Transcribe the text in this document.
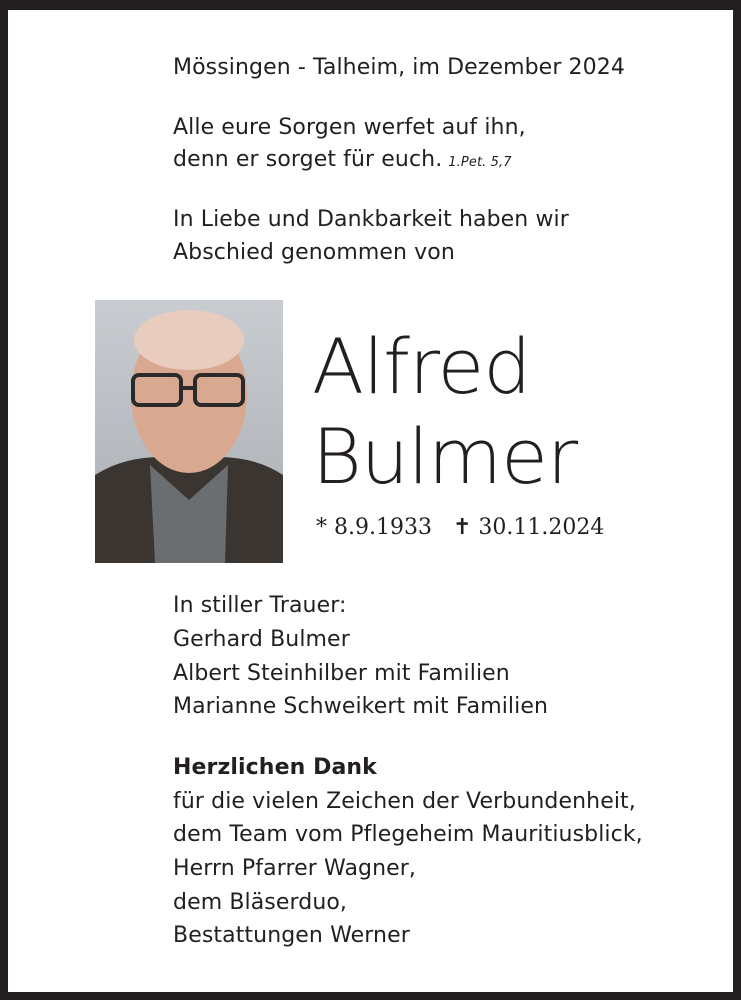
Mössingen - Talheim, im Dezember 2024
Alle eure Sorgen werfet auf ihn,
denn er sorget für euch. 1.Pet. 5,7
In Liebe und Dankbarkeit haben wir
Abschied genommen von
Alfred
Bulmer
* 8.9.1933 ✝ 30.11.2024
In stiller Trauer:
Gerhard Bulmer
Albert Steinhilber mit Familien
Marianne Schweikert mit Familien
Herzlichen Dank
für die vielen Zeichen der Verbundenheit,
dem Team vom Pflegeheim Mauritiusblick,
Herrn Pfarrer Wagner,
dem Bläserduo,
Bestattungen Werner
